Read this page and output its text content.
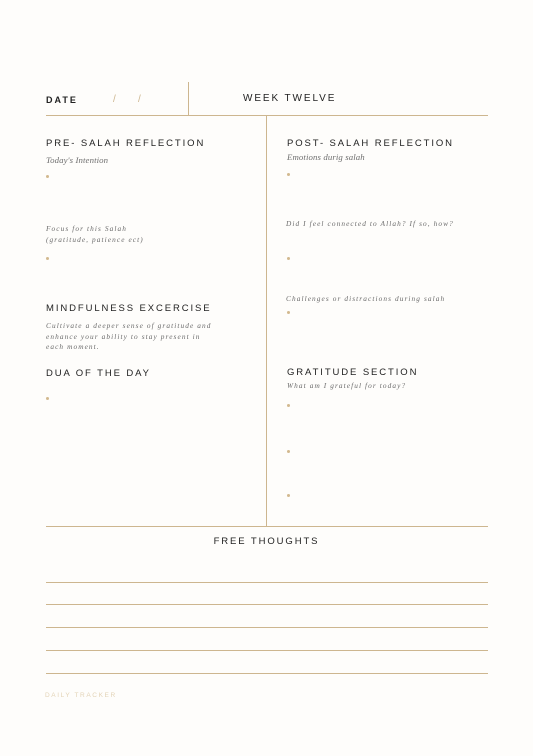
DATE	/ /	WEEK TWELVE
PRE- SALAH REFLECTION
Today's Intention
Focus for this Salah
(gratitude, patience ect)
MINDFULNESS EXCERCISE
Cultivate a deeper sense of gratitude and
enhance your ability to stay present in
each moment.
DUA OF THE DAY
POST- SALAH REFLECTION
Emotions durig salah
Did I feel connected to Allah? If so, how?
Challenges or distractions during salah
GRATITUDE SECTION
What am I grateful for today?
FREE THOUGHTS
DAILY TRACKER
